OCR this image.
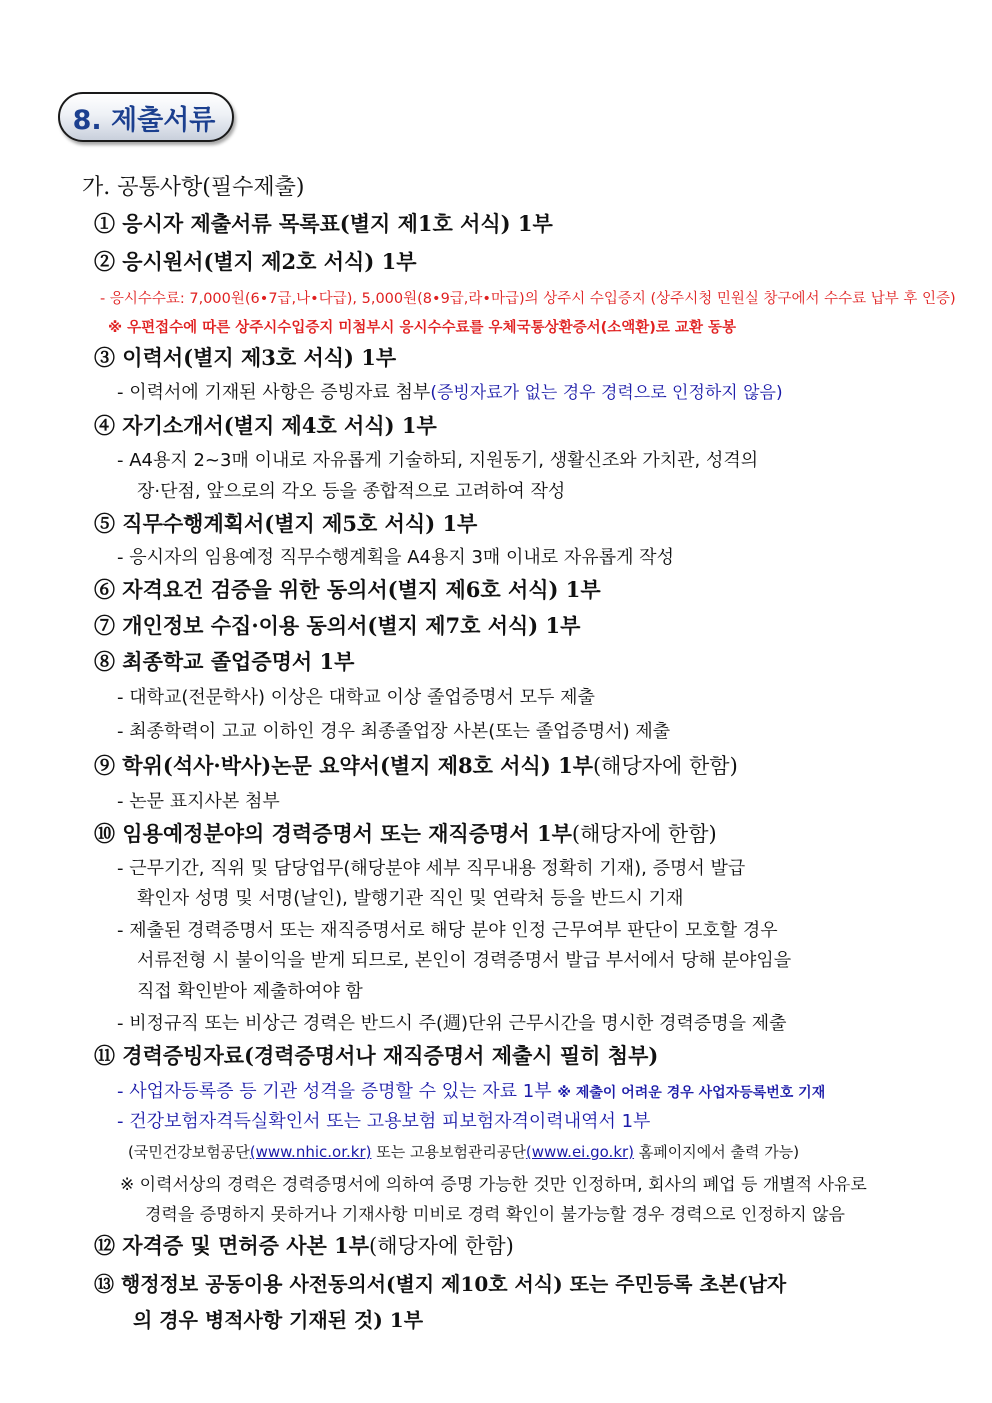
8. 제출서류
가. 공통사항(필수제출)
① 응시자 제출서류 목록표(별지 제1호 서식) 1부
② 응시원서(별지 제2호 서식) 1부
- 응시수수료: 7,000원(6•7급,나•다급), 5,000원(8•9급,라•마급)의 상주시 수입증지 (상주시청 민원실 창구에서 수수료 납부 후 인증)
※ 우편접수에 따른 상주시수입증지 미첨부시 응시수수료를 우체국통상환증서(소액환)로 교환 동봉
③ 이력서(별지 제3호 서식) 1부
- 이력서에 기재된 사항은 증빙자료 첨부(증빙자료가 없는 경우 경력으로 인정하지 않음)
④ 자기소개서(별지 제4호 서식) 1부
- A4용지 2~3매 이내로 자유롭게 기술하되, 지원동기, 생활신조와 가치관, 성격의
장·단점, 앞으로의 각오 등을 종합적으로 고려하여 작성
⑤ 직무수행계획서(별지 제5호 서식) 1부
- 응시자의 임용예정 직무수행계획을 A4용지 3매 이내로 자유롭게 작성
⑥ 자격요건 검증을 위한 동의서(별지 제6호 서식) 1부
⑦ 개인정보 수집·이용 동의서(별지 제7호 서식) 1부
⑧ 최종학교 졸업증명서 1부
- 대학교(전문학사) 이상은 대학교 이상 졸업증명서 모두 제출
- 최종학력이 고교 이하인 경우 최종졸업장 사본(또는 졸업증명서) 제출
⑨ 학위(석사·박사)논문 요약서(별지 제8호 서식) 1부(해당자에 한함)
- 논문 표지사본 첨부
⑩ 임용예정분야의 경력증명서 또는 재직증명서 1부(해당자에 한함)
- 근무기간, 직위 및 담당업무(해당분야 세부 직무내용 정확히 기재), 증명서 발급
확인자 성명 및 서명(날인), 발행기관 직인 및 연락처 등을 반드시 기재
- 제출된 경력증명서 또는 재직증명서로 해당 분야 인정 근무여부 판단이 모호할 경우
서류전형 시 불이익을 받게 되므로, 본인이 경력증명서 발급 부서에서 당해 분야임을
직접 확인받아 제출하여야 함
- 비정규직 또는 비상근 경력은 반드시 주(週)단위 근무시간을 명시한 경력증명을 제출
⑪ 경력증빙자료(경력증명서나 재직증명서 제출시 필히 첨부)
- 사업자등록증 등 기관 성격을 증명할 수 있는 자료 1부 ※ 제출이 어려운 경우 사업자등록번호 기재
- 건강보험자격득실확인서 또는 고용보험 피보험자격이력내역서 1부
(국민건강보험공단(www.nhic.or.kr) 또는 고용보험관리공단(www.ei.go.kr) 홈페이지에서 출력 가능)
※ 이력서상의 경력은 경력증명서에 의하여 증명 가능한 것만 인정하며, 회사의 폐업 등 개별적 사유로
경력을 증명하지 못하거나 기재사항 미비로 경력 확인이 불가능할 경우 경력으로 인정하지 않음
⑫ 자격증 및 면허증 사본 1부(해당자에 한함)
⑬ 행정정보 공동이용 사전동의서(별지 제10호 서식) 또는 주민등록 초본(남자
의 경우 병적사항 기재된 것) 1부
